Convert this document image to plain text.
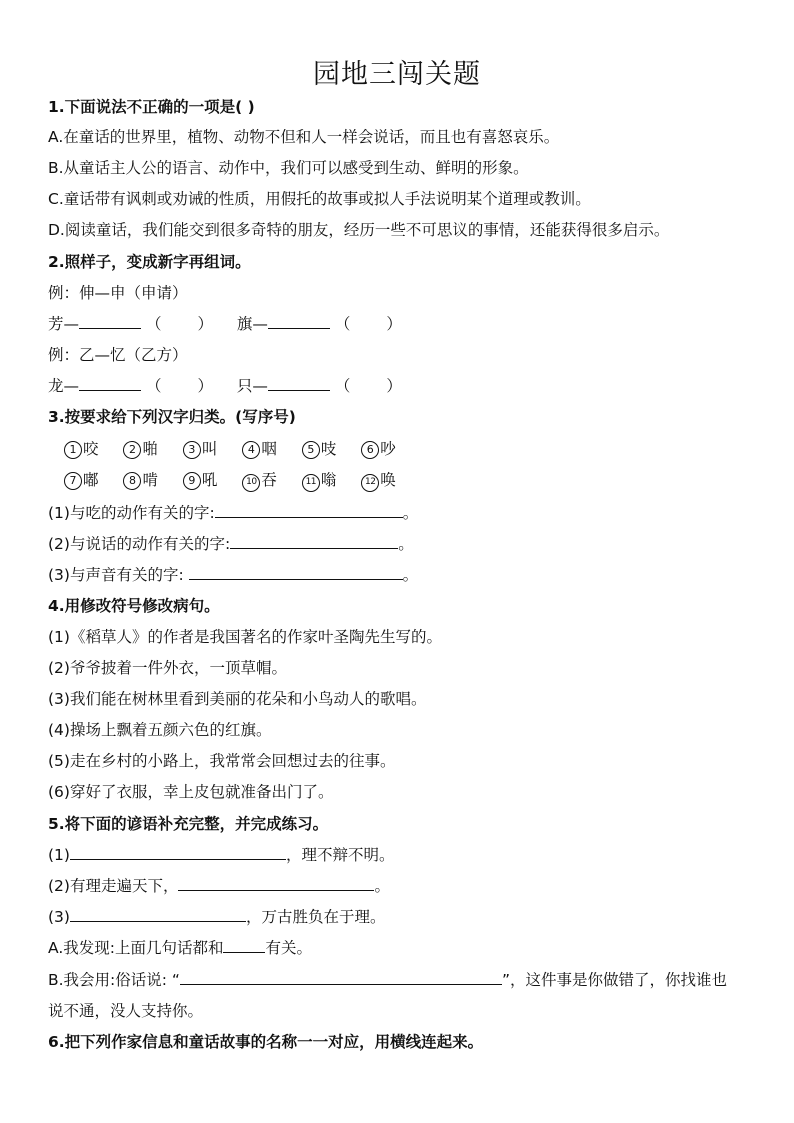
园地三闯关题
1.下面说法不正确的一项是( )
A.在童话的世界里，植物、动物不但和人一样会说话，而且也有喜怒哀乐。
B.从童话主人公的语言、动作中，我们可以感受到生动、鲜明的形象。
C.童话带有讽刺或劝诫的性质，用假托的故事或拟人手法说明某个道理或教训。
D.阅读童话，我们能交到很多奇特的朋友，经历一些不可思议的事情，还能获得很多启示。
2.照样子，变成新字再组词。
例：伸—申（申请）
芳—	（ ） 旗—	（ ）
例：乙—忆（乙方）
龙—	（ ） 只—	（ ）
3.按要求给下列汉字归类。(写序号)
1 咬	2 啪	3 叫	4 咽	5 吱	6 吵
7 嘟	8 啃	9 吼	10 吞	11 嗡	12 唤
(1)与吃的动作有关的字:	。
(2)与说话的动作有关的字:	。
(3)与声音有关的字:	。
4.用修改符号修改病句。
(1)《稻草人》的作者是我国著名的作家叶圣陶先生写的。
(2)爷爷披着一件外衣，一顶草帽。
(3)我们能在树林里看到美丽的花朵和小鸟动人的歌唱。
(4)操场上飘着五颜六色的红旗。
(5)走在乡村的小路上，我常常会回想过去的往事。
(6)穿好了衣服，幸上皮包就准备出门了。
5.将下面的谚语补充完整，并完成练习。
(1)	，理不辩不明。
(2)有理走遍天下，	。
(3)	，万古胜负在于理。
A.我发现:上面几句话都和	有关。
B.我会用:俗话说: “	”，这件事是你做错了，你找谁也
说不通，没人支持你。
6.把下列作家信息和童话故事的名称一一对应，用横线连起来。
